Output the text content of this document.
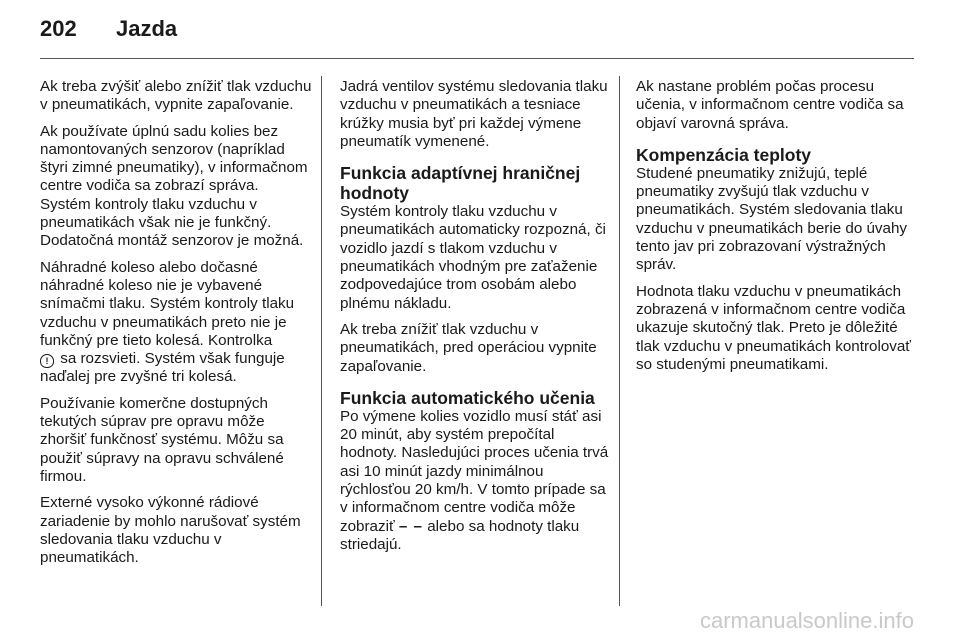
202 Jazda

Ak treba zvýšiť alebo znížiť tlak vzduchu v pneumatikách, vypnite zapaľovanie.

Ak používate úplnú sadu kolies bez namontovaných senzorov (napríklad štyri zimné pneumatiky), v informačnom centre vodiča sa zobrazí správa. Systém kontroly tlaku vzduchu v pneumatikách však nie je funkčný. Dodatočná montáž senzorov je možná.

Náhradné koleso alebo dočasné náhradné koleso nie je vybavené snímačmi tlaku. Systém kontroly tlaku vzduchu v pneumatikách preto nie je funkčný pre tieto kolesá. Kontrolka
! sa rozsvieti. Systém však funguje naďalej pre zvyšné tri kolesá.

Používanie komerčne dostupných tekutých súprav pre opravu môže zhoršiť funkčnosť systému. Môžu sa použiť súpravy na opravu schválené firmou.

Externé vysoko výkonné rádiové zariadenie by mohlo narušovať systém sledovania tlaku vzduchu v pneumatikách.

Jadrá ventilov systému sledovania tlaku vzduchu v pneumatikách a tesniace krúžky musia byť pri každej výmene pneumatík vymenené.

Funkcia adaptívnej hraničnej hodnoty

Systém kontroly tlaku vzduchu v pneumatikách automaticky rozpozná, či vozidlo jazdí s tlakom vzduchu v pneumatikách vhodným pre zaťaženie zodpovedajúce trom osobám alebo plnému nákladu.

Ak treba znížiť tlak vzduchu v pneumatikách, pred operáciou vypnite zapaľovanie.

Funkcia automatického učenia

Po výmene kolies vozidlo musí stáť asi 20 minút, aby systém prepočítal hodnoty. Nasledujúci proces učenia trvá asi 10 minút jazdy minimálnou rýchlosťou 20 km/h. V tomto prípade sa v informačnom centre vodiča môže zobraziť – – alebo sa hodnoty tlaku striedajú.

Ak nastane problém počas procesu učenia, v informačnom centre vodiča sa objaví varovná správa.

Kompenzácia teploty

Studené pneumatiky znižujú, teplé pneumatiky zvyšujú tlak vzduchu v pneumatikách. Systém sledovania tlaku vzduchu v pneumatikách berie do úvahy tento jav pri zobrazovaní výstražných správ.

Hodnota tlaku vzduchu v pneumatikách zobrazená v informačnom centre vodiča ukazuje skutočný tlak. Preto je dôležité tlak vzduchu v pneumatikách kontrolovať so studenými pneumatikami.

carmanualsonline.info
